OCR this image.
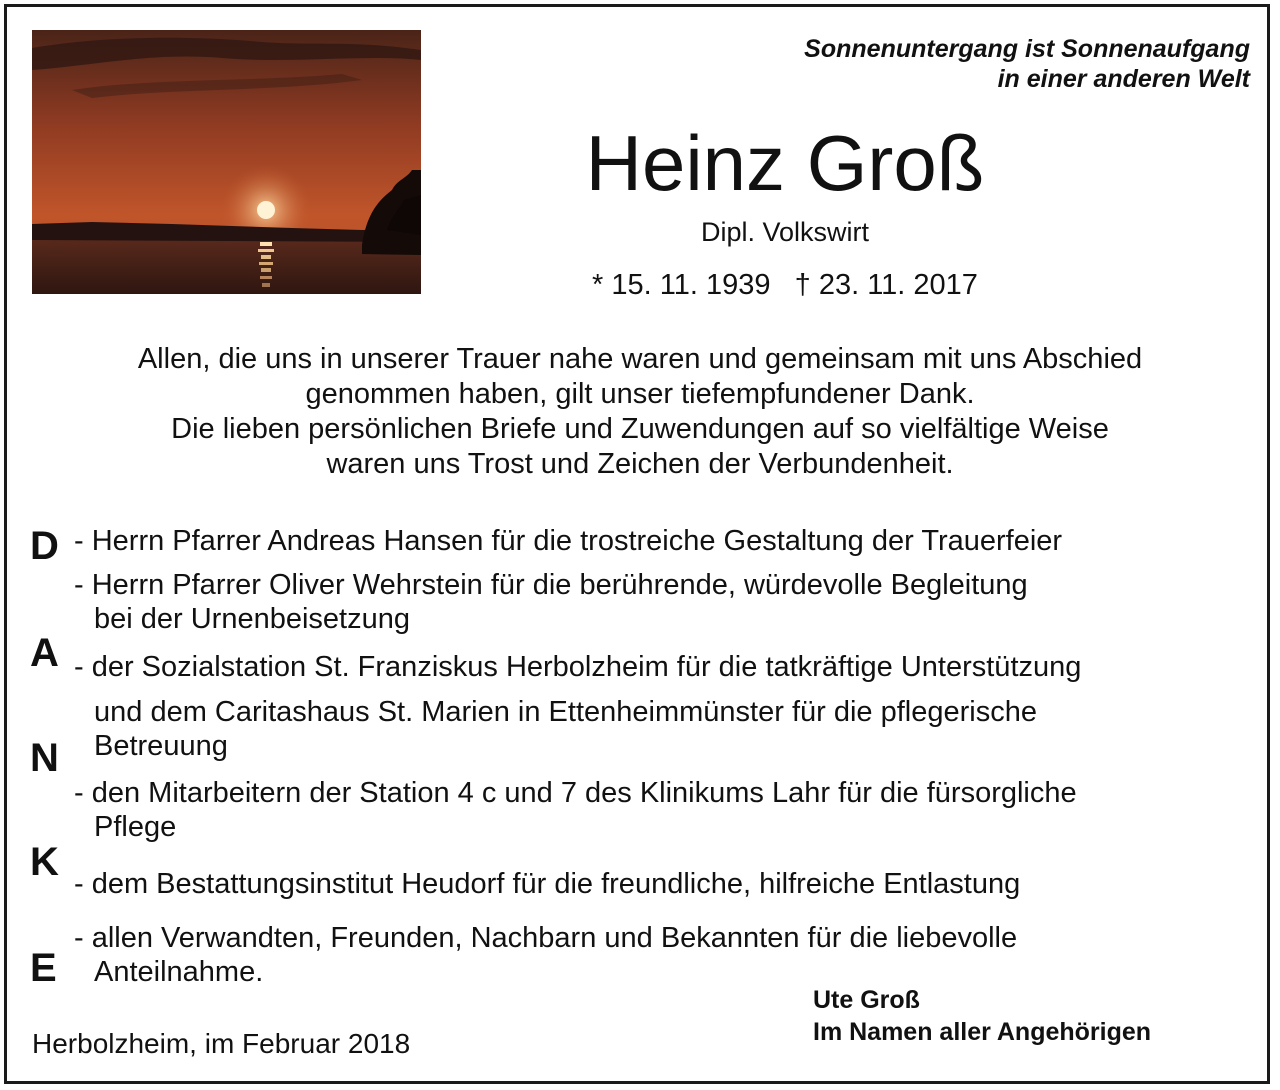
Sonnenuntergang ist Sonnenaufgang
in einer anderen Welt
Heinz Groß
Dipl. Volkswirt
* 15. 11. 1939   † 23. 11. 2017
Allen, die uns in unserer Trauer nahe waren und gemeinsam mit uns Abschied
genommen haben, gilt unser tiefempfundener Dank.
Die lieben persönlichen Briefe und Zuwendungen auf so vielfältige Weise
waren uns Trost und Zeichen der Verbundenheit.
D
A
N
K
E
- Herrn Pfarrer Andreas Hansen für die trostreiche Gestaltung der Trauerfeier
- Herrn Pfarrer Oliver Wehrstein für die berührende, würdevolle Begleitung
bei der Urnenbeisetzung
- der Sozialstation St. Franziskus Herbolzheim für die tatkräftige Unterstützung
und dem Caritashaus St. Marien in Ettenheimmünster für die pflegerische
Betreuung
- den Mitarbeitern der Station 4 c und 7 des Klinikums Lahr für die fürsorgliche
Pflege
- dem Bestattungsinstitut Heudorf für die freundliche, hilfreiche Entlastung
- allen Verwandten, Freunden, Nachbarn und Bekannten für die liebevolle
Anteilnahme.
Herbolzheim, im Februar 2018
Ute Groß
Im Namen aller Angehörigen
